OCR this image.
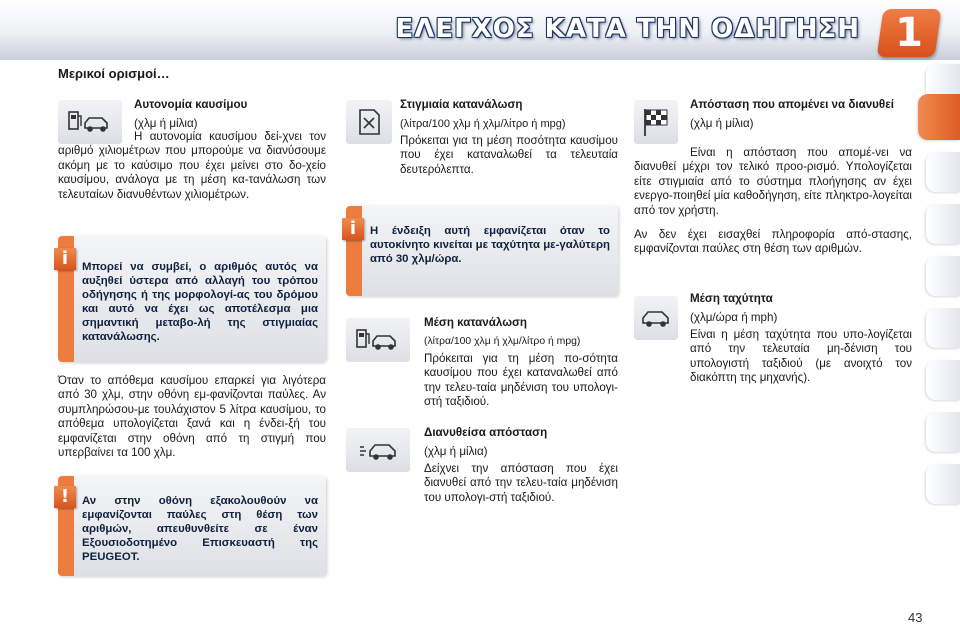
ΕΛΕΓΧΟΣ ΚΑΤΑ ΤΗΝ ΟΔΗΓΗΣΗ 1
Μερικοί ορισμοί…
Αυτονομία καυσίμου
(χλμ ή μίλια)

Η αυτονομία καυσίμου δεί-χνει τον αριθμό χιλιομέτρων που μπορούμε να διανύσουμε ακόμη με το καύσιμο που έχει μείνει στο δο-χείο καυσίμου, ανάλογα με τη μέση κα-τανάλωση των τελευταίων διανυθέντων χιλιομέτρων.

i	Μπορεί να συμβεί, ο αριθμός αυτός να αυξηθεί ύστερα από αλλαγή του τρόπου οδήγησης ή της μορφολογί-ας του δρόμου και αυτό να έχει ως αποτέλεσμα μια σημαντική μεταβο-λή της στιγμιαίας κατανάλωσης.

Όταν το απόθεμα καυσίμου επαρκεί για λιγότερα από 30 χλμ, στην οθόνη εμ-φανίζονται παύλες. Αν συμπληρώσου-με τουλάχιστον 5 λίτρα καυσίμου, το απόθεμα υπολογίζεται ξανά και η ένδει-ξή του εμφανίζεται στην οθόνη από τη στιγμή που υπερβαίνει τα 100 χλμ.

!	Αν στην οθόνη εξακολουθούν να εμφανίζονται παύλες στη θέση των αριθμών, απευθυνθείτε σε έναν Εξουσιοδοτημένο Επισκευαστή της PEUGEOT.
Στιγμιαία κατανάλωση
(λίτρα/100 χλμ ή χλμ/λίτρο ή mpg)

Πρόκειται για τη μέση ποσότητα καυσίμου που έχει καταναλωθεί τα τελευταία δευτερόλεπτα.

i	Η ένδειξη αυτή εμφανίζεται όταν το αυτοκίνητο κινείται με ταχύτητα με-γαλύτερη από 30 χλμ/ώρα.
Μέση κατανάλωση
(λίτρα/100 χλμ ή χλμ/λίτρο ή mpg)

Πρόκειται για τη μέση πο-σότητα καυσίμου που έχει καταναλωθεί από την τελευ-ταία μηδένιση του υπολογι-στή ταξιδιού.

Διανυθείσα απόσταση
(χλμ ή μίλια)

Δείχνει την απόσταση που έχει διανυθεί από την τελευ-ταία μηδένιση του υπολογι-στή ταξιδιού.

Απόσταση που απομένει να διανυθεί
(χλμ ή μίλια)

Είναι η απόσταση που απομέ-νει να διανυθεί μέχρι τον τελικό προο-ρισμό. Υπολογίζεται είτε στιγμιαία από το σύστημα πλοήγησης αν έχει ενεργο-ποιηθεί μία καθοδήγηση, είτε πληκτρο-λογείται από τον χρήστη.

Αν δεν έχει εισαχθεί πληροφορία από-στασης, εμφανίζονται παύλες στη θέση των αριθμών.

Μέση ταχύτητα
(χλμ/ώρα ή mph)

Είναι η μέση ταχύτητα που υπο-λογίζεται από την τελευταία μη-δένιση του υπολογιστή ταξιδιού (με ανοιχτό τον διακόπτη της μηχανής).

43
